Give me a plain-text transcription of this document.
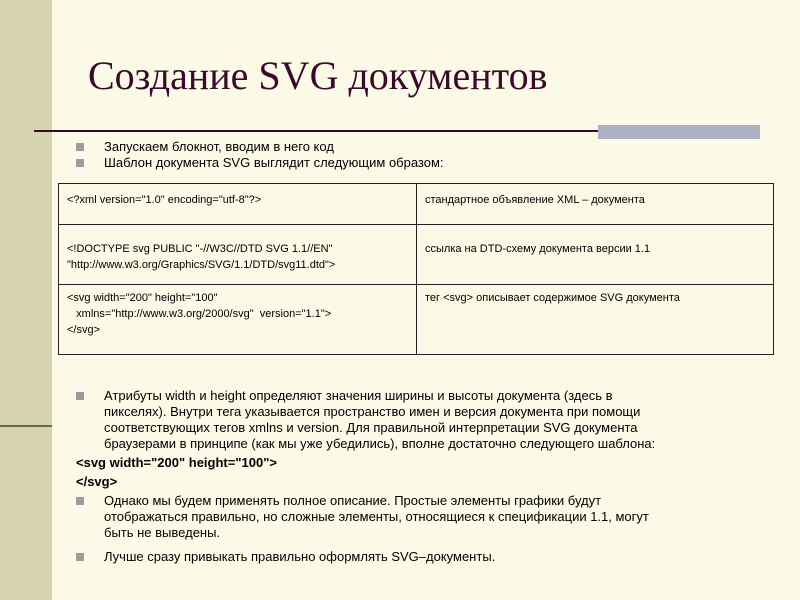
Создание SVG документов
Запускаем блокнот, вводим в него код
Шаблон документа SVG выглядит следующим образом:
<?xml version="1.0" encoding="utf-8"?>	стандартное объявление XML – документа
<!DOCTYPE svg PUBLIC "-//W3C//DTD SVG 1.1//EN"
"http://www.w3.org/Graphics/SVG/1.1/DTD/svg11.dtd">
ссылка на DTD-схему документа версии 1.1
<svg width="200" height="100"
xmlns="http://www.w3.org/2000/svg"  version="1.1">
</svg>
тег <svg> описывает содержимое SVG документа
Атрибуты width и height определяют значения ширины и высоты документа (здесь в
пикселях). Внутри тега указывается пространство имен и версия документа при помощи
соответствующих тегов xmlns и version. Для правильной интерпретации SVG документа
браузерами в принципе (как мы уже убедились), вполне достаточно следующего шаблона:
<svg width="200" height="100">
</svg>
Однако мы будем применять полное описание. Простые элементы графики будут
отображаться правильно, но сложные элементы, относящиеся к спецификации 1.1, могут
быть не выведены.
Лучше сразу привыкать правильно оформлять SVG–документы.
